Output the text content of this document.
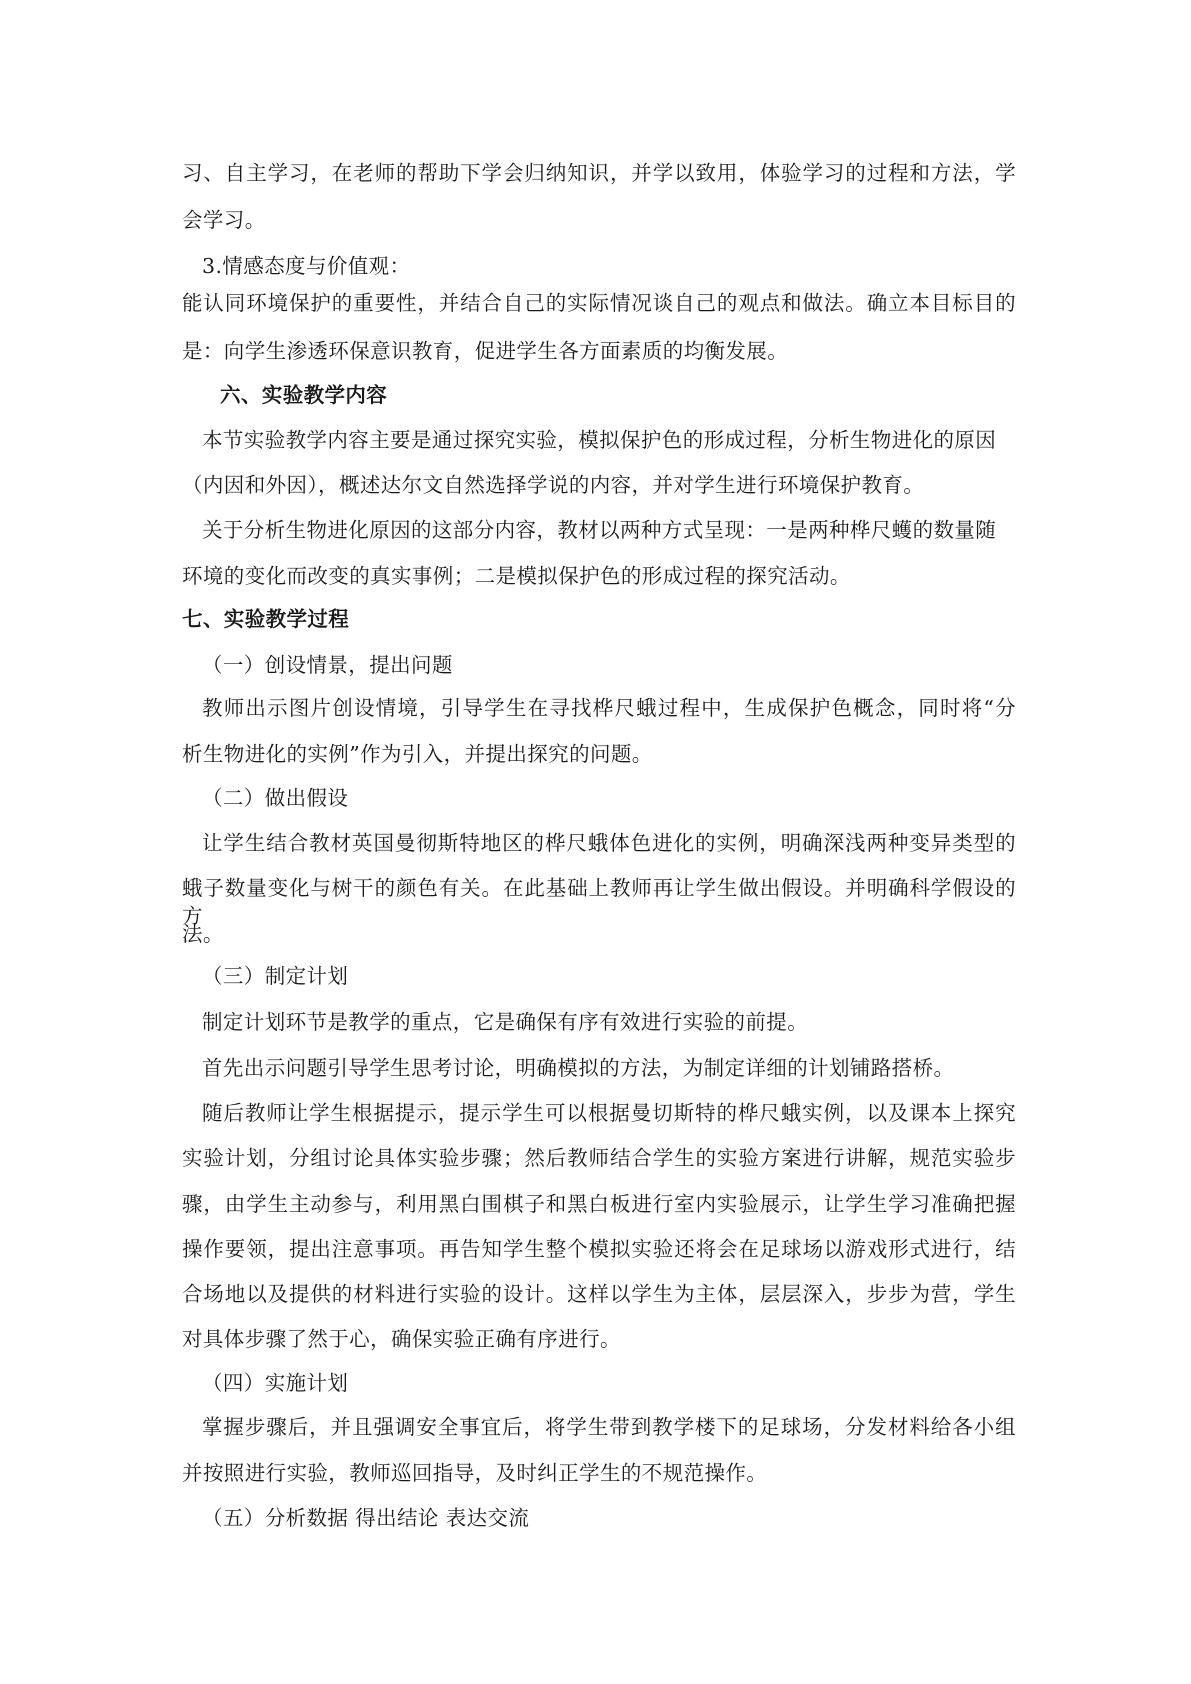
习、自主学习，在老师的帮助下学会归纳知识，并学以致用，体验学习的过程和方法，学
会学习。
3.情感态度与价值观：
能认同环境保护的重要性，并结合自己的实际情况谈自己的观点和做法。确立本目标目的
是：向学生渗透环保意识教育，促进学生各方面素质的均衡发展。
六、实验教学内容
本节实验教学内容主要是通过探究实验，模拟保护色的形成过程，分析生物进化的原因
（内因和外因），概述达尔文自然选择学说的内容，并对学生进行环境保护教育。
关于分析生物进化原因的这部分内容，教材以两种方式呈现：一是两种桦尺蠖的数量随
环境的变化而改变的真实事例；二是模拟保护色的形成过程的探究活动。
七、实验教学过程
（一）创设情景，提出问题
教师出示图片创设情境，引导学生在寻找桦尺蛾过程中，生成保护色概念，同时将“分
析生物进化的实例”作为引入，并提出探究的问题。
（二）做出假设
让学生结合教材英国曼彻斯特地区的桦尺蛾体色进化的实例，明确深浅两种变异类型的
蛾子数量变化与树干的颜色有关。在此基础上教师再让学生做出假设。并明确科学假设的方
法。
（三）制定计划
制定计划环节是教学的重点，它是确保有序有效进行实验的前提。
首先出示问题引导学生思考讨论，明确模拟的方法，为制定详细的计划铺路搭桥。
随后教师让学生根据提示，提示学生可以根据曼切斯特的桦尺蛾实例，以及课本上探究
实验计划，分组讨论具体实验步骤；然后教师结合学生的实验方案进行讲解，规范实验步
骤，由学生主动参与，利用黑白围棋子和黑白板进行室内实验展示，让学生学习准确把握
操作要领，提出注意事项。再告知学生整个模拟实验还将会在足球场以游戏形式进行，结
合场地以及提供的材料进行实验的设计。这样以学生为主体，层层深入，步步为营，学生
对具体步骤了然于心，确保实验正确有序进行。
（四）实施计划
掌握步骤后，并且强调安全事宜后，将学生带到教学楼下的足球场，分发材料给各小组
并按照进行实验，教师巡回指导，及时纠正学生的不规范操作。
（五）分析数据 得出结论 表达交流
